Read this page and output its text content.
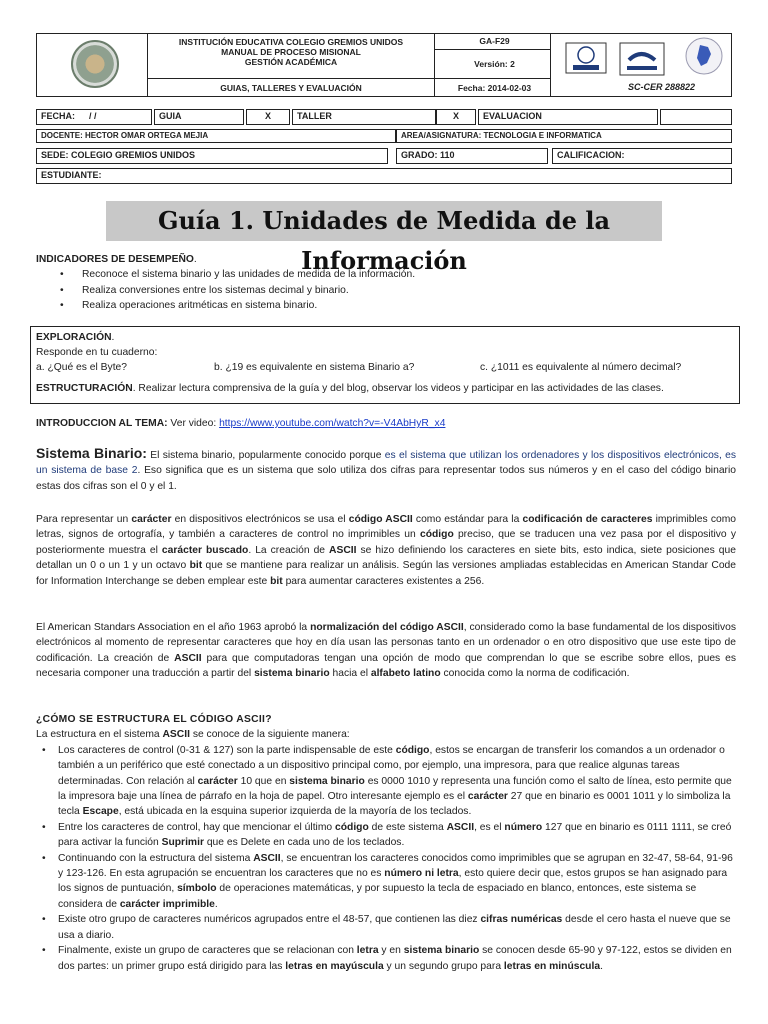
INSTITUCIÓN EDUCATIVA COLEGIO GREMIOS UNIDOS
MANUAL DE PROCESO MISIONAL
GESTIÓN ACADÉMICA
GUIAS, TALLERES Y EVALUACIÓN
GA-F29
Versión: 2
Fecha: 2014-02-03	SC-CER 288822
FECHA: / /	GUIA	X	TALLER	X	EVALUACION
DOCENTE: HECTOR OMAR ORTEGA MEJIA	AREA/ASIGNATURA: TECNOLOGIA E INFORMATICA
SEDE: COLEGIO GREMIOS UNIDOS	GRADO: 110	CALIFICACION:
ESTUDIANTE:
Guía 1. Unidades de Medida de la Información
INDICADORES DE DESEMPEÑO.
• Reconoce el sistema binario y las unidades de medida de la información.
• Realiza conversiones entre los sistemas decimal y binario.
• Realiza operaciones aritméticas en sistema binario.
EXPLORACIÓN.
Responde en tu cuaderno:
a. ¿Qué es el Byte?	b. ¿19 es equivalente en sistema Binario a?	c. ¿1011 es equivalente al número decimal?
ESTRUCTURACIÓN. Realizar lectura comprensiva de la guía y del blog, observar los videos y participar en las actividades de las clases.
INTRODUCCION AL TEMA: Ver video: https://www.youtube.com/watch?v=-V4AbHyR_x4

Sistema Binario: El sistema binario, popularmente conocido porque es el sistema que utilizan los ordenadores y los dispositivos electrónicos, es un sistema de base 2. Eso significa que es un sistema que solo utiliza dos cifras para representar todos sus números y en el caso del código binario estas dos cifras son el 0 y el 1.

Para representar un carácter en dispositivos electrónicos se usa el código ASCII como estándar para la codificación de caracteres imprimibles como letras, signos de ortografía, y también a caracteres de control no imprimibles un código preciso, que se traducen una vez pasa por el dispositivo y posteriormente muestra el carácter buscado. La creación de ASCII se hizo definiendo los caracteres en siete bits, esto indica, siete posiciones que detallan un 0 o un 1 y un octavo bit que se mantiene para realizar un análisis. Según las versiones ampliadas establecidas en American Standar Code for Information Interchange se deben emplear este bit para aumentar caracteres existentes a 256.

El American Standars Association en el año 1963 aprobó la normalización del código ASCII, considerado como la base fundamental de los dispositivos electrónicos al momento de representar caracteres que hoy en día usan las personas tanto en un ordenador o en otro dispositivo que use este tipo de codificación. La creación de ASCII para que computadoras tengan una opción de modo que comprendan lo que se escribe sobre ellos, pues es necesaria componer una traducción a partir del sistema binario hacia el alfabeto latino conocida como la norma de codificación.

¿CÓMO SE ESTRUCTURA EL CÓDIGO ASCII?
La estructura en el sistema ASCII se conoce de la siguiente manera:
• Los caracteres de control (0-31 & 127) son la parte indispensable de este código, estos se encargan de transferir los comandos a un ordenador o también a un periférico que esté conectado a un dispositivo principal como, por ejemplo, una impresora, para que realice algunas tareas determinadas. Con relación al carácter 10 que en sistema binario es 0000 1010 y representa una función como el salto de línea, esto permite que la impresora baje una línea de párrafo en la hoja de papel. Otro interesante ejemplo es el carácter 27 que en binario es 0001 1011 y lo simboliza la tecla Escape, está ubicada en la esquina superior izquierda de la mayoría de los teclados.
• Entre los caracteres de control, hay que mencionar el último código de este sistema ASCII, es el número 127 que en binario es 0111 1111, se creó para activar la función Suprimir que es Delete en cada uno de los teclados.
• Continuando con la estructura del sistema ASCII, se encuentran los caracteres conocidos como imprimibles que se agrupan en 32-47, 58-64, 91-96 y 123-126. En esta agrupación se encuentran los caracteres que no es número ni letra, esto quiere decir que, estos grupos se han asignado para los signos de puntuación, símbolo de operaciones matemáticas, y por supuesto la tecla de espaciado en blanco, entonces, este sistema se considera de carácter imprimible.
• Existe otro grupo de caracteres numéricos agrupados entre el 48-57, que contienen las diez cifras numéricas desde el cero hasta el nueve que se usa a diario.
• Finalmente, existe un grupo de caracteres que se relacionan con letra y en sistema binario se conocen desde 65-90 y 97-122, estos se dividen en dos partes: un primer grupo está dirigido para las letras en mayúscula y un segundo grupo para letras en minúscula.
